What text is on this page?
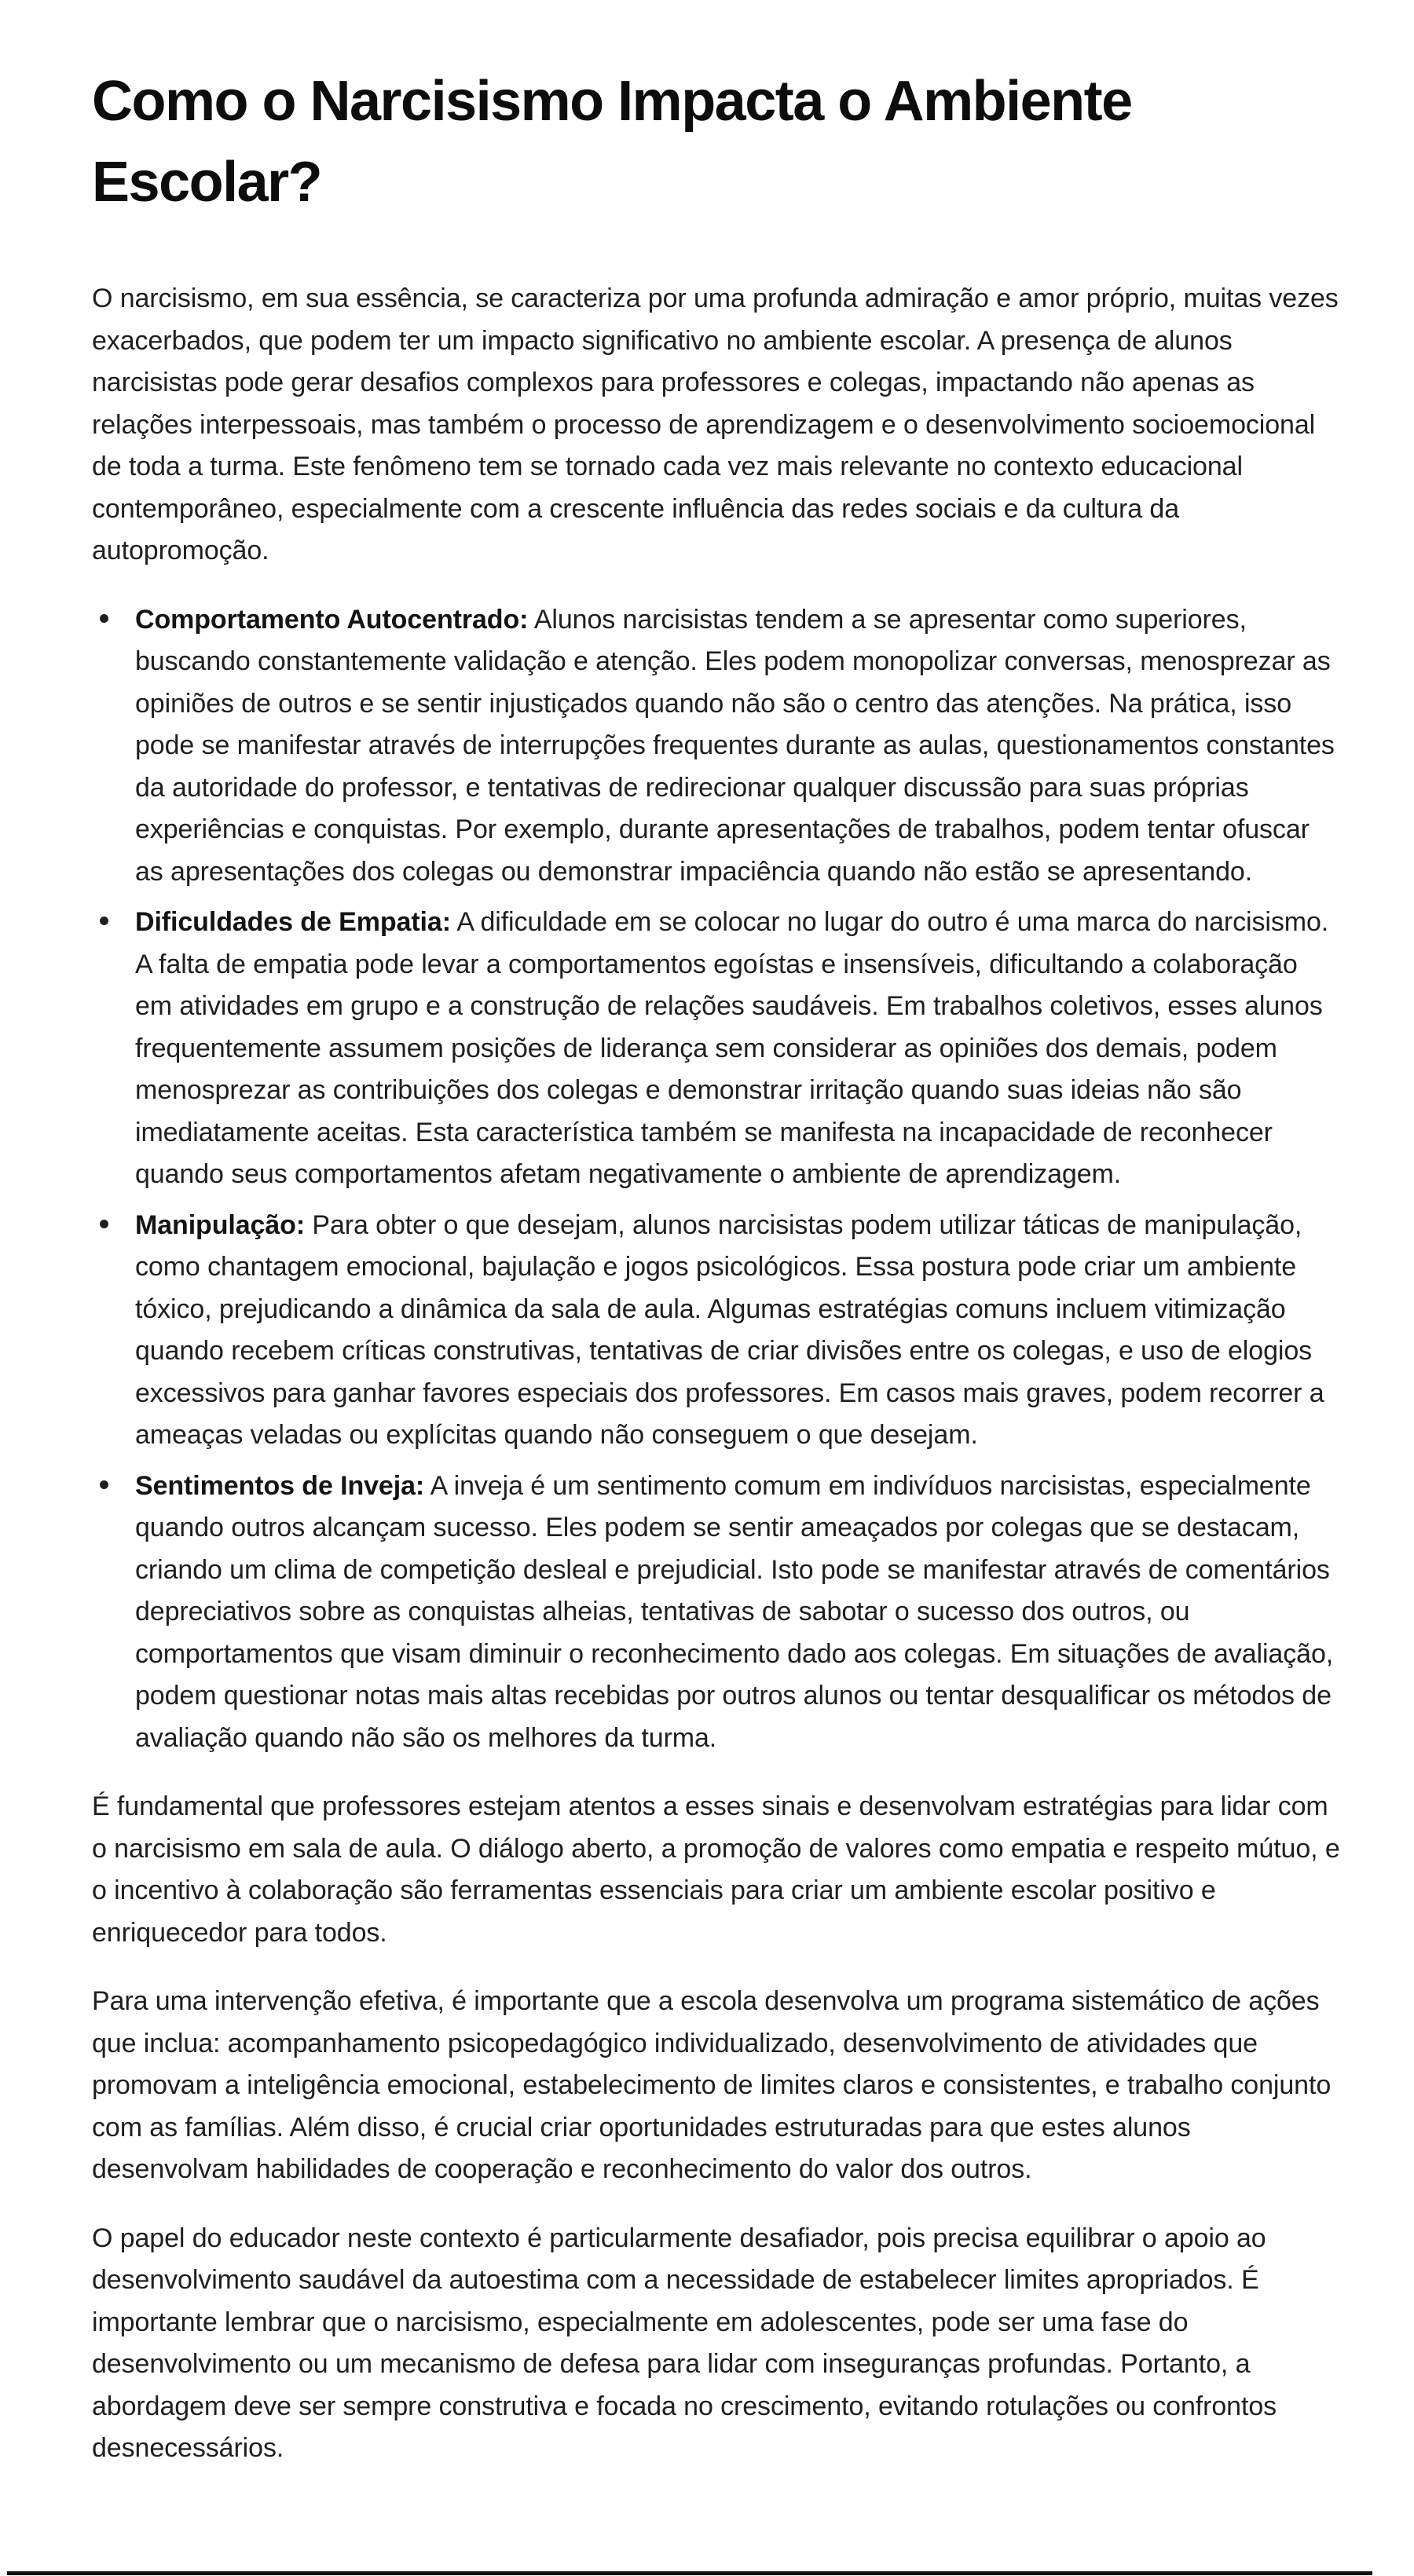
Como o Narcisismo Impacta o Ambiente Escolar?

O narcisismo, em sua essência, se caracteriza por uma profunda admiração e amor próprio, muitas vezes exacerbados, que podem ter um impacto significativo no ambiente escolar. A presença de alunos narcisistas pode gerar desafios complexos para professores e colegas, impactando não apenas as relações interpessoais, mas também o processo de aprendizagem e o desenvolvimento socioemocional de toda a turma. Este fenômeno tem se tornado cada vez mais relevante no contexto educacional contemporâneo, especialmente com a crescente influência das redes sociais e da cultura da autopromoção.

Comportamento Autocentrado: Alunos narcisistas tendem a se apresentar como superiores, buscando constantemente validação e atenção. Eles podem monopolizar conversas, menosprezar as opiniões de outros e se sentir injustiçados quando não são o centro das atenções. Na prática, isso pode se manifestar através de interrupções frequentes durante as aulas, questionamentos constantes da autoridade do professor, e tentativas de redirecionar qualquer discussão para suas próprias experiências e conquistas. Por exemplo, durante apresentações de trabalhos, podem tentar ofuscar as apresentações dos colegas ou demonstrar impaciência quando não estão se apresentando.
Dificuldades de Empatia: A dificuldade em se colocar no lugar do outro é uma marca do narcisismo. A falta de empatia pode levar a comportamentos egoístas e insensíveis, dificultando a colaboração em atividades em grupo e a construção de relações saudáveis. Em trabalhos coletivos, esses alunos frequentemente assumem posições de liderança sem considerar as opiniões dos demais, podem menosprezar as contribuições dos colegas e demonstrar irritação quando suas ideias não são imediatamente aceitas. Esta característica também se manifesta na incapacidade de reconhecer quando seus comportamentos afetam negativamente o ambiente de aprendizagem.
Manipulação: Para obter o que desejam, alunos narcisistas podem utilizar táticas de manipulação, como chantagem emocional, bajulação e jogos psicológicos. Essa postura pode criar um ambiente tóxico, prejudicando a dinâmica da sala de aula. Algumas estratégias comuns incluem vitimização quando recebem críticas construtivas, tentativas de criar divisões entre os colegas, e uso de elogios excessivos para ganhar favores especiais dos professores. Em casos mais graves, podem recorrer a ameaças veladas ou explícitas quando não conseguem o que desejam.
Sentimentos de Inveja: A inveja é um sentimento comum em indivíduos narcisistas, especialmente quando outros alcançam sucesso. Eles podem se sentir ameaçados por colegas que se destacam, criando um clima de competição desleal e prejudicial. Isto pode se manifestar através de comentários depreciativos sobre as conquistas alheias, tentativas de sabotar o sucesso dos outros, ou comportamentos que visam diminuir o reconhecimento dado aos colegas. Em situações de avaliação, podem questionar notas mais altas recebidas por outros alunos ou tentar desqualificar os métodos de avaliação quando não são os melhores da turma.

É fundamental que professores estejam atentos a esses sinais e desenvolvam estratégias para lidar com o narcisismo em sala de aula. O diálogo aberto, a promoção de valores como empatia e respeito mútuo, e o incentivo à colaboração são ferramentas essenciais para criar um ambiente escolar positivo e enriquecedor para todos.

Para uma intervenção efetiva, é importante que a escola desenvolva um programa sistemático de ações que inclua: acompanhamento psicopedagógico individualizado, desenvolvimento de atividades que promovam a inteligência emocional, estabelecimento de limites claros e consistentes, e trabalho conjunto com as famílias. Além disso, é crucial criar oportunidades estruturadas para que estes alunos desenvolvam habilidades de cooperação e reconhecimento do valor dos outros.

O papel do educador neste contexto é particularmente desafiador, pois precisa equilibrar o apoio ao desenvolvimento saudável da autoestima com a necessidade de estabelecer limites apropriados. É importante lembrar que o narcisismo, especialmente em adolescentes, pode ser uma fase do desenvolvimento ou um mecanismo de defesa para lidar com inseguranças profundas. Portanto, a abordagem deve ser sempre construtiva e focada no crescimento, evitando rotulações ou confrontos desnecessários.
